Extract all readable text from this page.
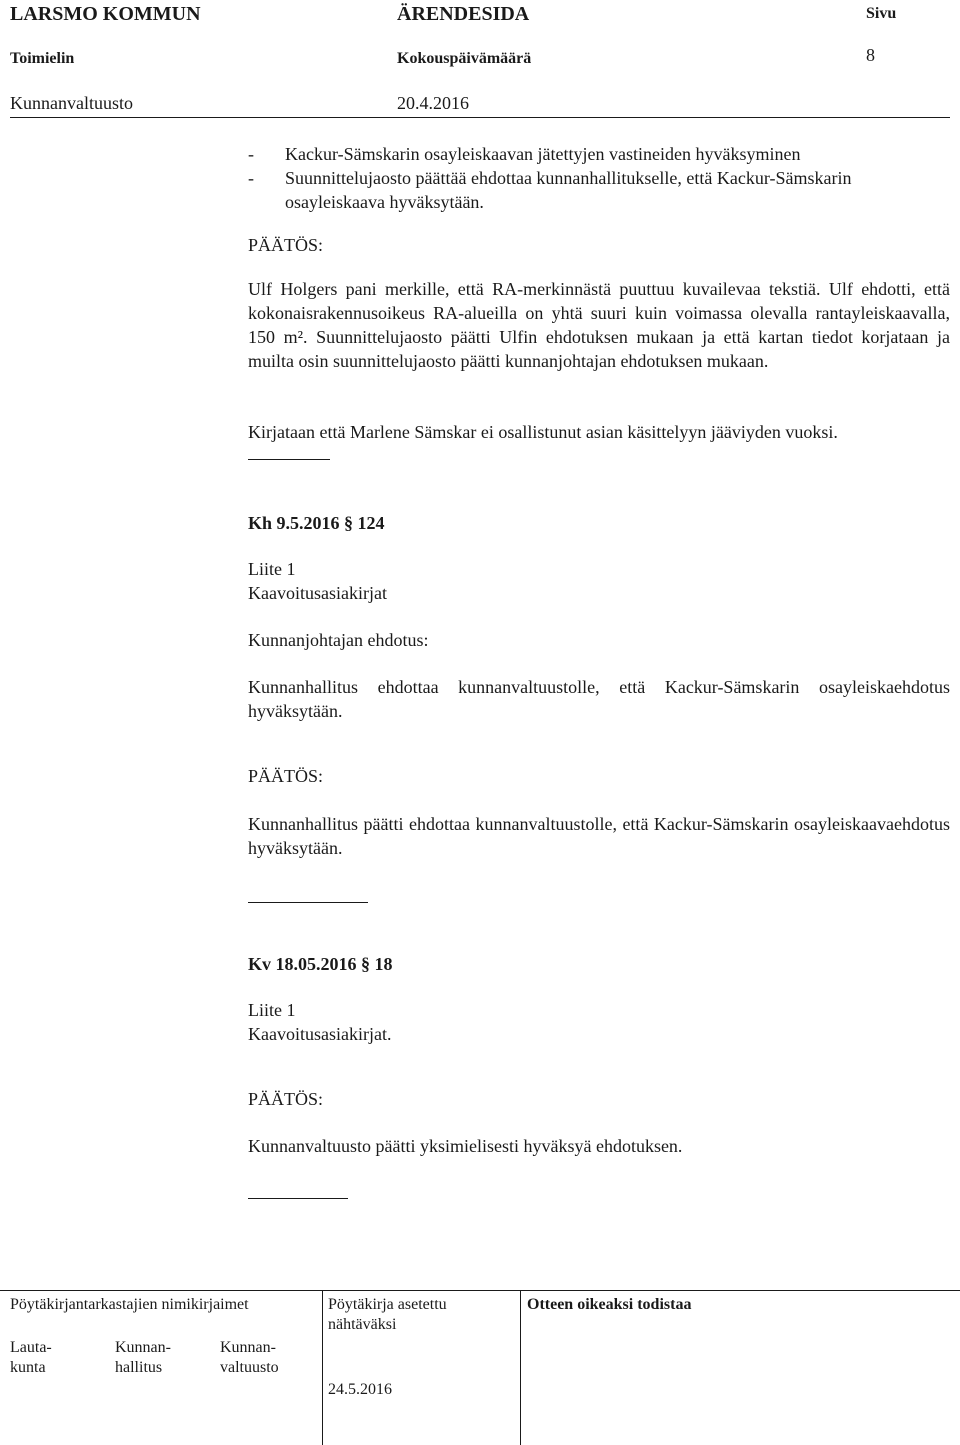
LARSMO KOMMUN	ÄRENDESIDA	Sivu
Toimielin	Kokouspäivämäärä	8
Kunnanvaltuusto	20.4.2016
- Kackur-Sämskarin osayleiskaavan jätettyjen vastineiden hyväksyminen
- Suunnittelujaosto päättää ehdottaa kunnanhallitukselle, että Kackur-Sämskarin
osayleiskaava hyväksytään.
PÄÄTÖS:
Ulf Holgers pani merkille, että RA-merkinnästä puuttuu kuvailevaa tekstiä. Ulf ehdotti, että kokonaisrakennusoikeus RA-alueilla on yhtä suuri kuin voimassa olevalla rantayleiskaavalla, 150 m². Suunnittelujaosto päätti Ulfin ehdotuksen mukaan ja että kartan tiedot korjataan ja muilta osin suunnittelujaosto päätti kunnanjohtajan ehdotuksen mukaan.
Kirjataan että Marlene Sämskar ei osallistunut asian käsittelyyn jääviyden vuoksi.
Kh 9.5.2016 § 124
Liite 1
Kaavoitusasiakirjat
Kunnanjohtajan ehdotus:
Kunnanhallitus ehdottaa kunnanvaltuustolle, että Kackur-Sämskarin osayleiskaehdotus hyväksytään.
PÄÄTÖS:
Kunnanhallitus päätti ehdottaa kunnanvaltuustolle, että Kackur-Sämskarin osayleiskaavaehdotus hyväksytään.
Kv 18.05.2016 § 18
Liite 1
Kaavoitusasiakirjat.
PÄÄTÖS:
Kunnanvaltuusto päätti yksimielisesti hyväksyä ehdotuksen.
Pöytäkirjantarkastajien nimikirjaimet
Lauta-
kunta
Kunnan-
hallitus
Kunnan-
valtuusto
Pöytäkirja asetettu
nähtäväksi
24.5.2016
Otteen oikeaksi todistaa
